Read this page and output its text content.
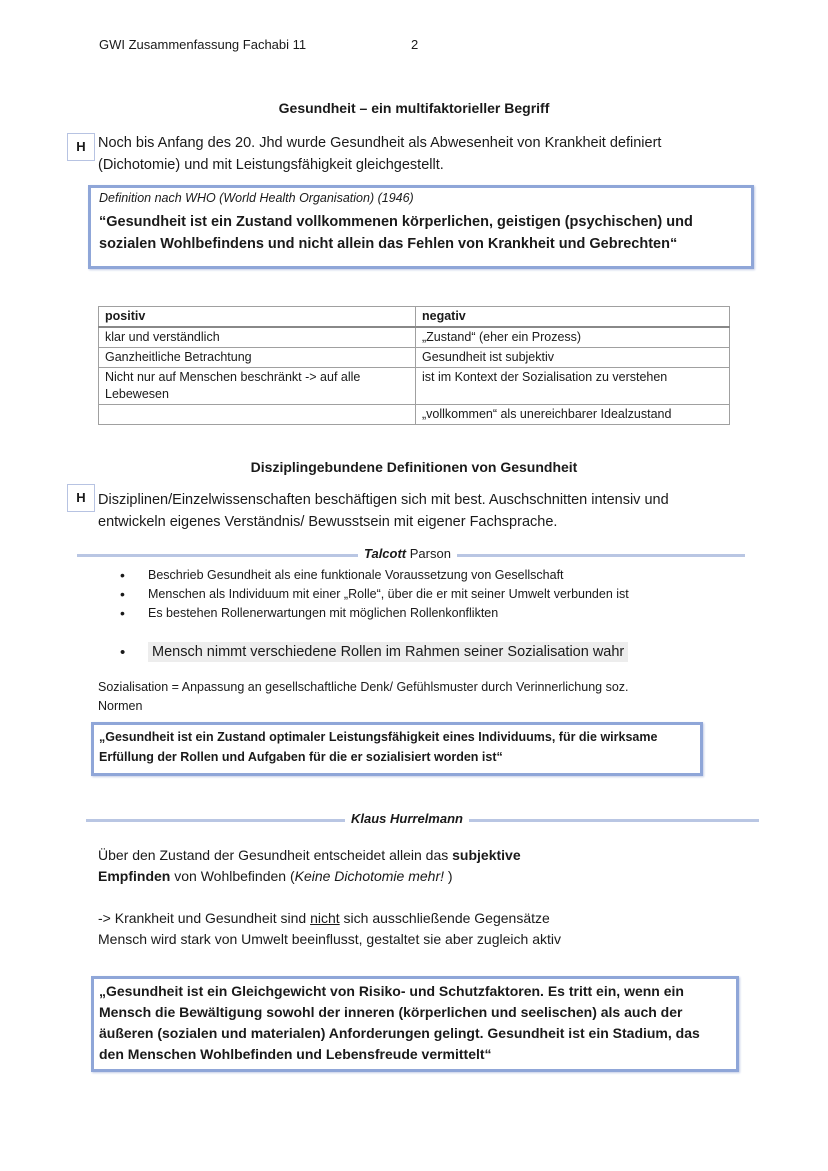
GWI Zusammenfassung Fachabi 11	2
Gesundheit – ein multifaktorieller Begriff
H Noch bis Anfang des 20. Jhd wurde Gesundheit als Abwesenheit von Krankheit definiert
(Dichotomie) und mit Leistungsfähigkeit gleichgestellt.
Definition nach WHO (World Health Organisation) (1946)
“Gesundheit ist ein Zustand vollkommenen körperlichen, geistigen (psychischen) und
sozialen Wohlbefindens und nicht allein das Fehlen von Krankheit und Gebrechten“
positiv	negativ
klar und verständlich	„Zustand“ (eher ein Prozess)
Ganzheitliche Betrachtung	Gesundheit ist subjektiv
Nicht nur auf Menschen beschränkt -> auf alle Lebewesen	ist im Kontext der Sozialisation zu verstehen
	„vollkommen“ als unereichbarer Idealzustand
Disziplingebundene Definitionen von Gesundheit
H Disziplinen/Einzelwissenschaften beschäftigen sich mit best. Auschschnitten intensiv und
entwickeln eigenes Verständnis/ Bewusstsein mit eigener Fachsprache.
Talcott Parson
• Beschrieb Gesundheit als eine funktionale Voraussetzung von Gesellschaft
• Menschen als Individuum mit einer „Rolle“, über die er mit seiner Umwelt verbunden ist
• Es bestehen Rollenerwartungen mit möglichen Rollenkonflikten
• Mensch nimmt verschiedene Rollen im Rahmen seiner Sozialisation wahr
Sozialisation = Anpassung an gesellschaftliche Denk/ Gefühlsmuster durch Verinnerlichung soz.
Normen
„Gesundheit ist ein Zustand optimaler Leistungsfähigkeit eines Individuums, für die wirksame
Erfüllung der Rollen und Aufgaben für die er sozialisiert worden ist“
Klaus Hurrelmann
Über den Zustand der Gesundheit entscheidet allein das subjektive
Empfinden von Wohlbefinden (Keine Dichotomie mehr! )
-> Krankheit und Gesundheit sind nicht sich ausschließende Gegensätze
Mensch wird stark von Umwelt beeinflusst, gestaltet sie aber zugleich aktiv
„Gesundheit ist ein Gleichgewicht von Risiko- und Schutzfaktoren. Es tritt ein, wenn ein
Mensch die Bewältigung sowohl der inneren (körperlichen und seelischen) als auch der
äußeren (sozialen und materialen) Anforderungen gelingt. Gesundheit ist ein Stadium, das
den Menschen Wohlbefinden und Lebensfreude vermittelt“
